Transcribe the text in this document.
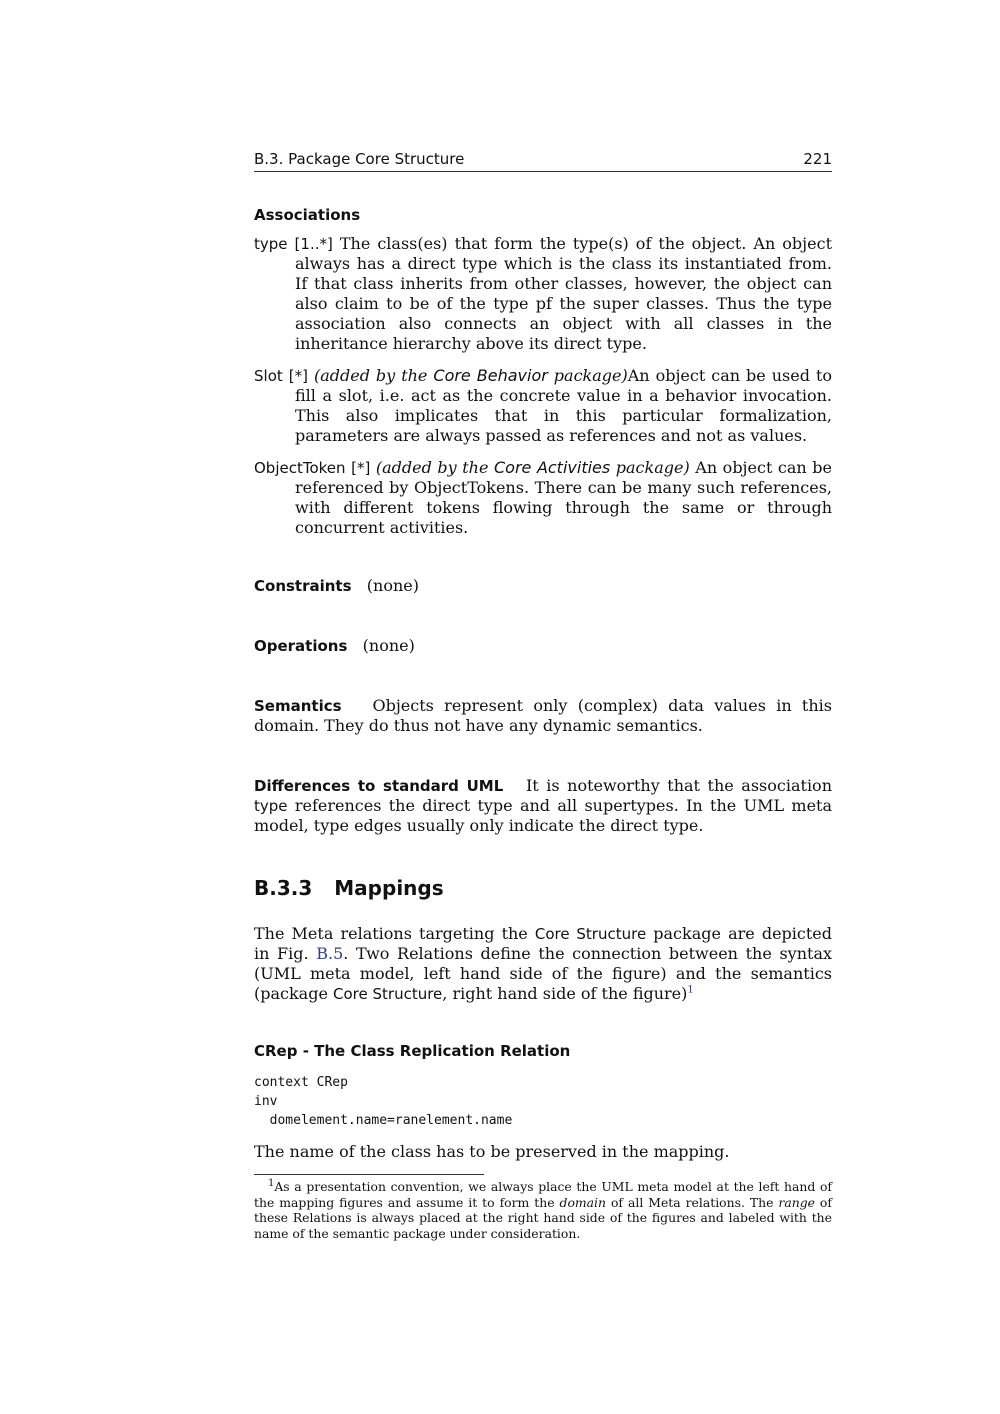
B.3. Package Core Structure	221
Associations

type [1..*] The class(es) that form the type(s) of the object. An object always has a direct type which is the class its instantiated from. If that class inherits from other classes, however, the object can also claim to be of the type pf the super classes. Thus the type association also connects an object with all classes in the inheritance hierarchy above its direct type.

Slot [*] (added by the Core Behavior package)An object can be used to fill a slot, i.e. act as the concrete value in a behavior invocation. This also implicates that in this particular formalization, parameters are always passed as references and not as values.

ObjectToken [*] (added by the Core Activities package) An object can be referenced by ObjectTokens. There can be many such references, with different tokens flowing through the same or through concurrent activities.

Constraints (none)
Operations (none)
Semantics Objects represent only (complex) data values in this domain. They do thus not have any dynamic semantics.
Differences to standard UML It is noteworthy that the association type references the direct type and all supertypes. In the UML meta model, type edges usually only indicate the direct type.
B.3.3 Mappings
The Meta relations targeting the Core Structure package are depicted in Fig. B.5. Two Relations define the connection between the syntax (UML meta model, left hand side of the figure) and the semantics (package Core Structure, right hand side of the figure)$^1$
CRep - The Class Replication Relation
context CRep
inv
domelement.name=ranelement.name
The name of the class has to be preserved in the mapping.
$^1$As a presentation convention, we always place the UML meta model at the left hand of the mapping figures and assume it to form the domain of all Meta relations. The range of these Relations is always placed at the right hand side of the figures and labeled with the name of the semantic package under consideration.
